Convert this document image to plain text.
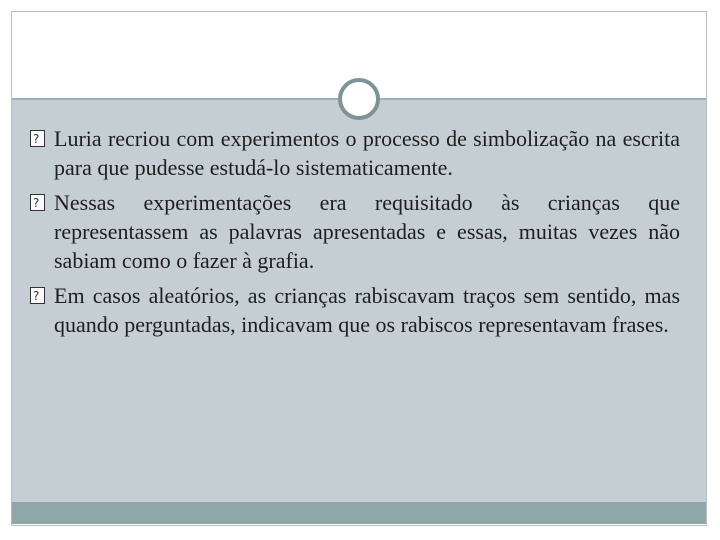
?
Luria recriou com experimentos o processo de simbolização na escrita para que pudesse estudá-lo sistematicamente.
?
Nessas experimentações era requisitado às crianças que representassem as palavras apresentadas e essas, muitas vezes não sabiam como o fazer à grafia.
?
Em casos aleatórios, as crianças rabiscavam traços sem sentido, mas quando perguntadas, indicavam que os rabiscos representavam frases.
